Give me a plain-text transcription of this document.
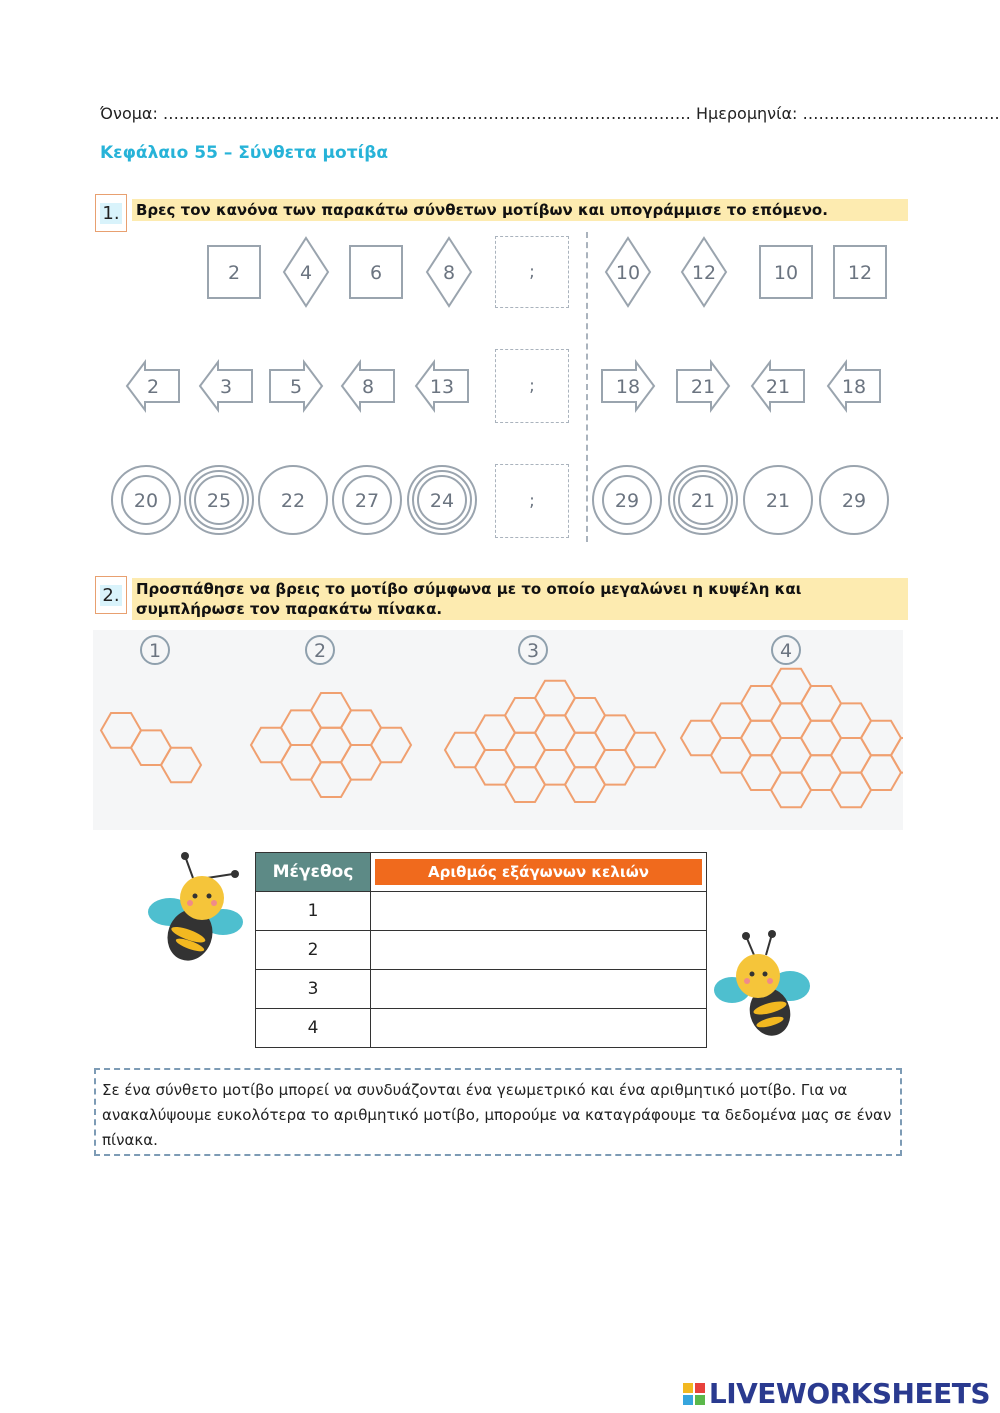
Όνομα: ……………………………………………………………………………………… Ημερομηνία: ……………………………….
Κεφάλαιο 55 – Σύνθετα μοτίβα
1. Βρες τον κανόνα των παρακάτω σύνθετων μοτίβων και υπογράμμισε το επόμενο.
2	4	6	8	10	12	10	12
2	3	5	8	13	18	21	21	18
20	25	22	27	24	29	21	21	29
;
;
;
2. Προσπάθησε να βρεις το μοτίβο σύμφωνα με το οποίο μεγαλώνει η κυψέλη και συμπλήρωσε τον παρακάτω πίνακα.
1	2	3	4
Μέγεθος	Αριθμός εξάγωνων κελιών

1	
2	
3	
4	
Σε ένα σύνθετο μοτίβο μπορεί να συνδυάζονται ένα γεωμετρικό και ένα αριθμητικό μοτίβο. Για να ανακαλύψουμε ευκολότερα το αριθμητικό μοτίβο, μπορούμε να καταγράφουμε τα δεδομένα μας σε έναν πίνακα.
LIVEWORKSHEETS
